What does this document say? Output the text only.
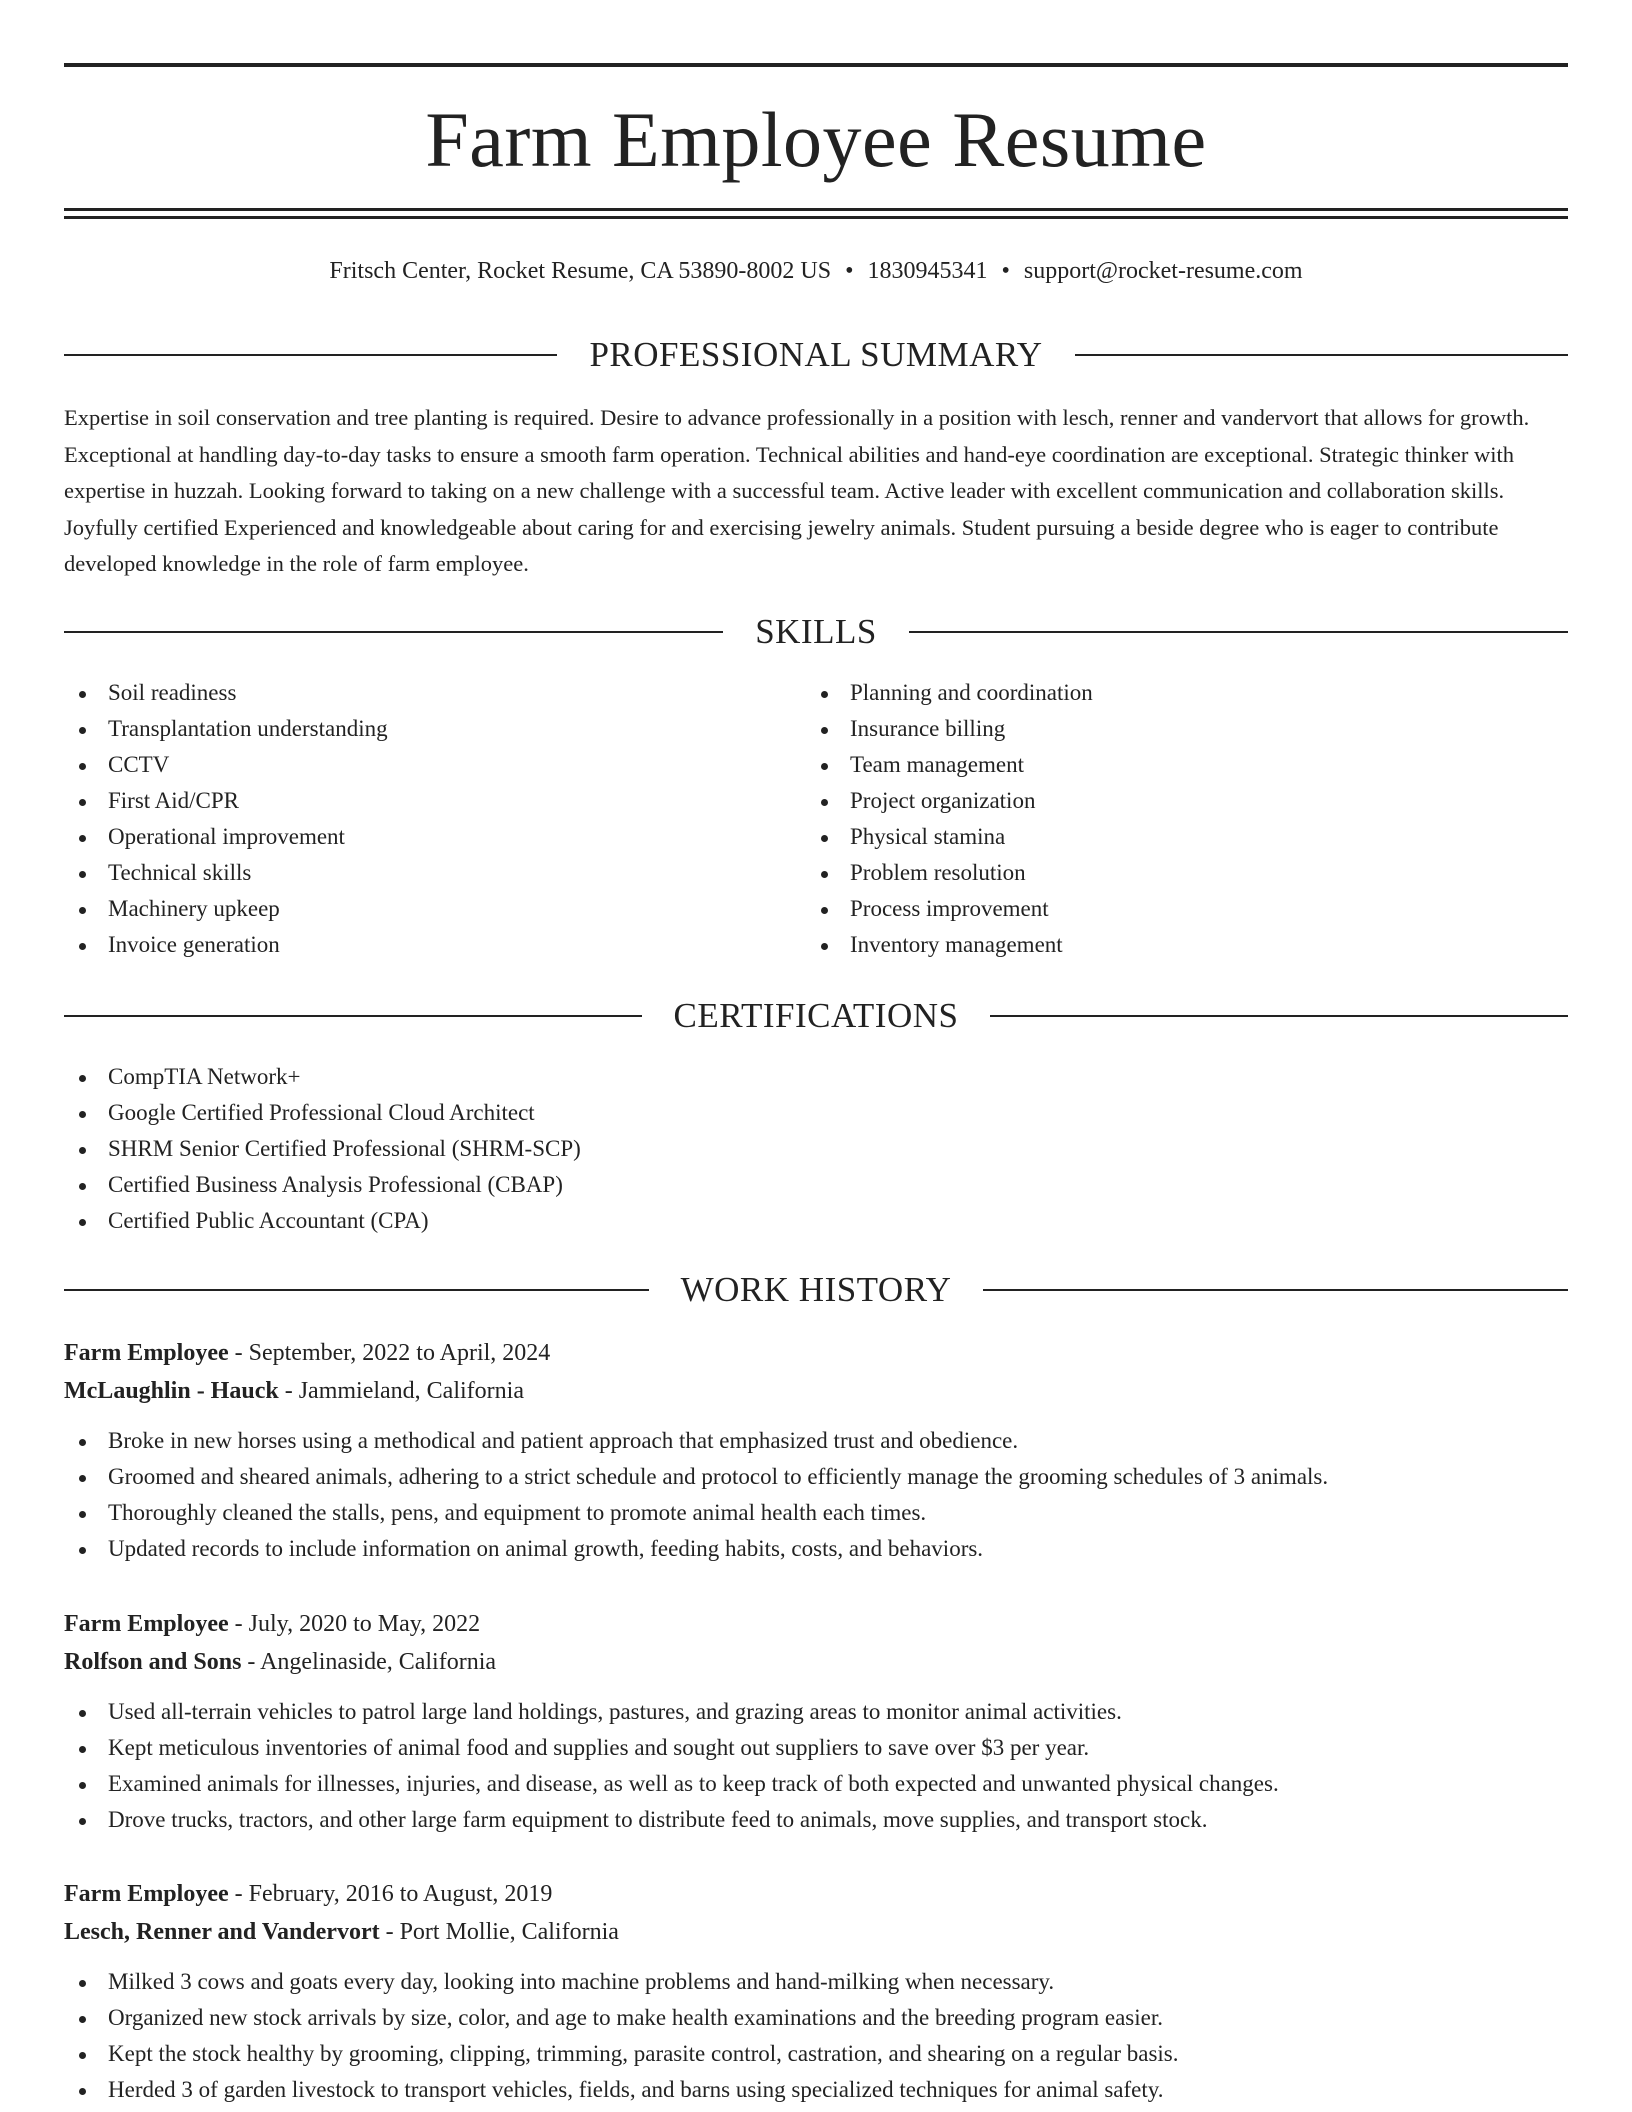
Farm Employee Resume
Fritsch Center, Rocket Resume, CA 53890-8002 US • 1830945341 • support@rocket-resume.com
PROFESSIONAL SUMMARY

Expertise in soil conservation and tree planting is required. Desire to advance professionally in a position with lesch, renner and vandervort that allows for growth. Exceptional at handling day-to-day tasks to ensure a smooth farm operation. Technical abilities and hand-eye coordination are exceptional. Strategic thinker with expertise in huzzah. Looking forward to taking on a new challenge with a successful team. Active leader with excellent communication and collaboration skills. Joyfully certified Experienced and knowledgeable about caring for and exercising jewelry animals. Student pursuing a beside degree who is eager to contribute developed knowledge in the role of farm employee.

SKILLS
Soil readiness
Transplantation understanding
CCTV
First Aid/CPR
Operational improvement
Technical skills
Machinery upkeep
Invoice generation
Planning and coordination
Insurance billing
Team management
Project organization
Physical stamina
Problem resolution
Process improvement
Inventory management
CERTIFICATIONS
CompTIA Network+
Google Certified Professional Cloud Architect
SHRM Senior Certified Professional (SHRM-SCP)
Certified Business Analysis Professional (CBAP)
Certified Public Accountant (CPA)
WORK HISTORY
Farm Employee - September, 2022 to April, 2024
McLaughlin - Hauck - Jammieland, California
Broke in new horses using a methodical and patient approach that emphasized trust and obedience.
Groomed and sheared animals, adhering to a strict schedule and protocol to efficiently manage the grooming schedules of 3 animals.
Thoroughly cleaned the stalls, pens, and equipment to promote animal health each times.
Updated records to include information on animal growth, feeding habits, costs, and behaviors.
Farm Employee - July, 2020 to May, 2022
Rolfson and Sons - Angelinaside, California
Used all-terrain vehicles to patrol large land holdings, pastures, and grazing areas to monitor animal activities.
Kept meticulous inventories of animal food and supplies and sought out suppliers to save over $3 per year.
Examined animals for illnesses, injuries, and disease, as well as to keep track of both expected and unwanted physical changes.
Drove trucks, tractors, and other large farm equipment to distribute feed to animals, move supplies, and transport stock.
Farm Employee - February, 2016 to August, 2019
Lesch, Renner and Vandervort - Port Mollie, California
Milked 3 cows and goats every day, looking into machine problems and hand-milking when necessary.
Organized new stock arrivals by size, color, and age to make health examinations and the breeding program easier.
Kept the stock healthy by grooming, clipping, trimming, parasite control, castration, and shearing on a regular basis.
Herded 3 of garden livestock to transport vehicles, fields, and barns using specialized techniques for animal safety.
